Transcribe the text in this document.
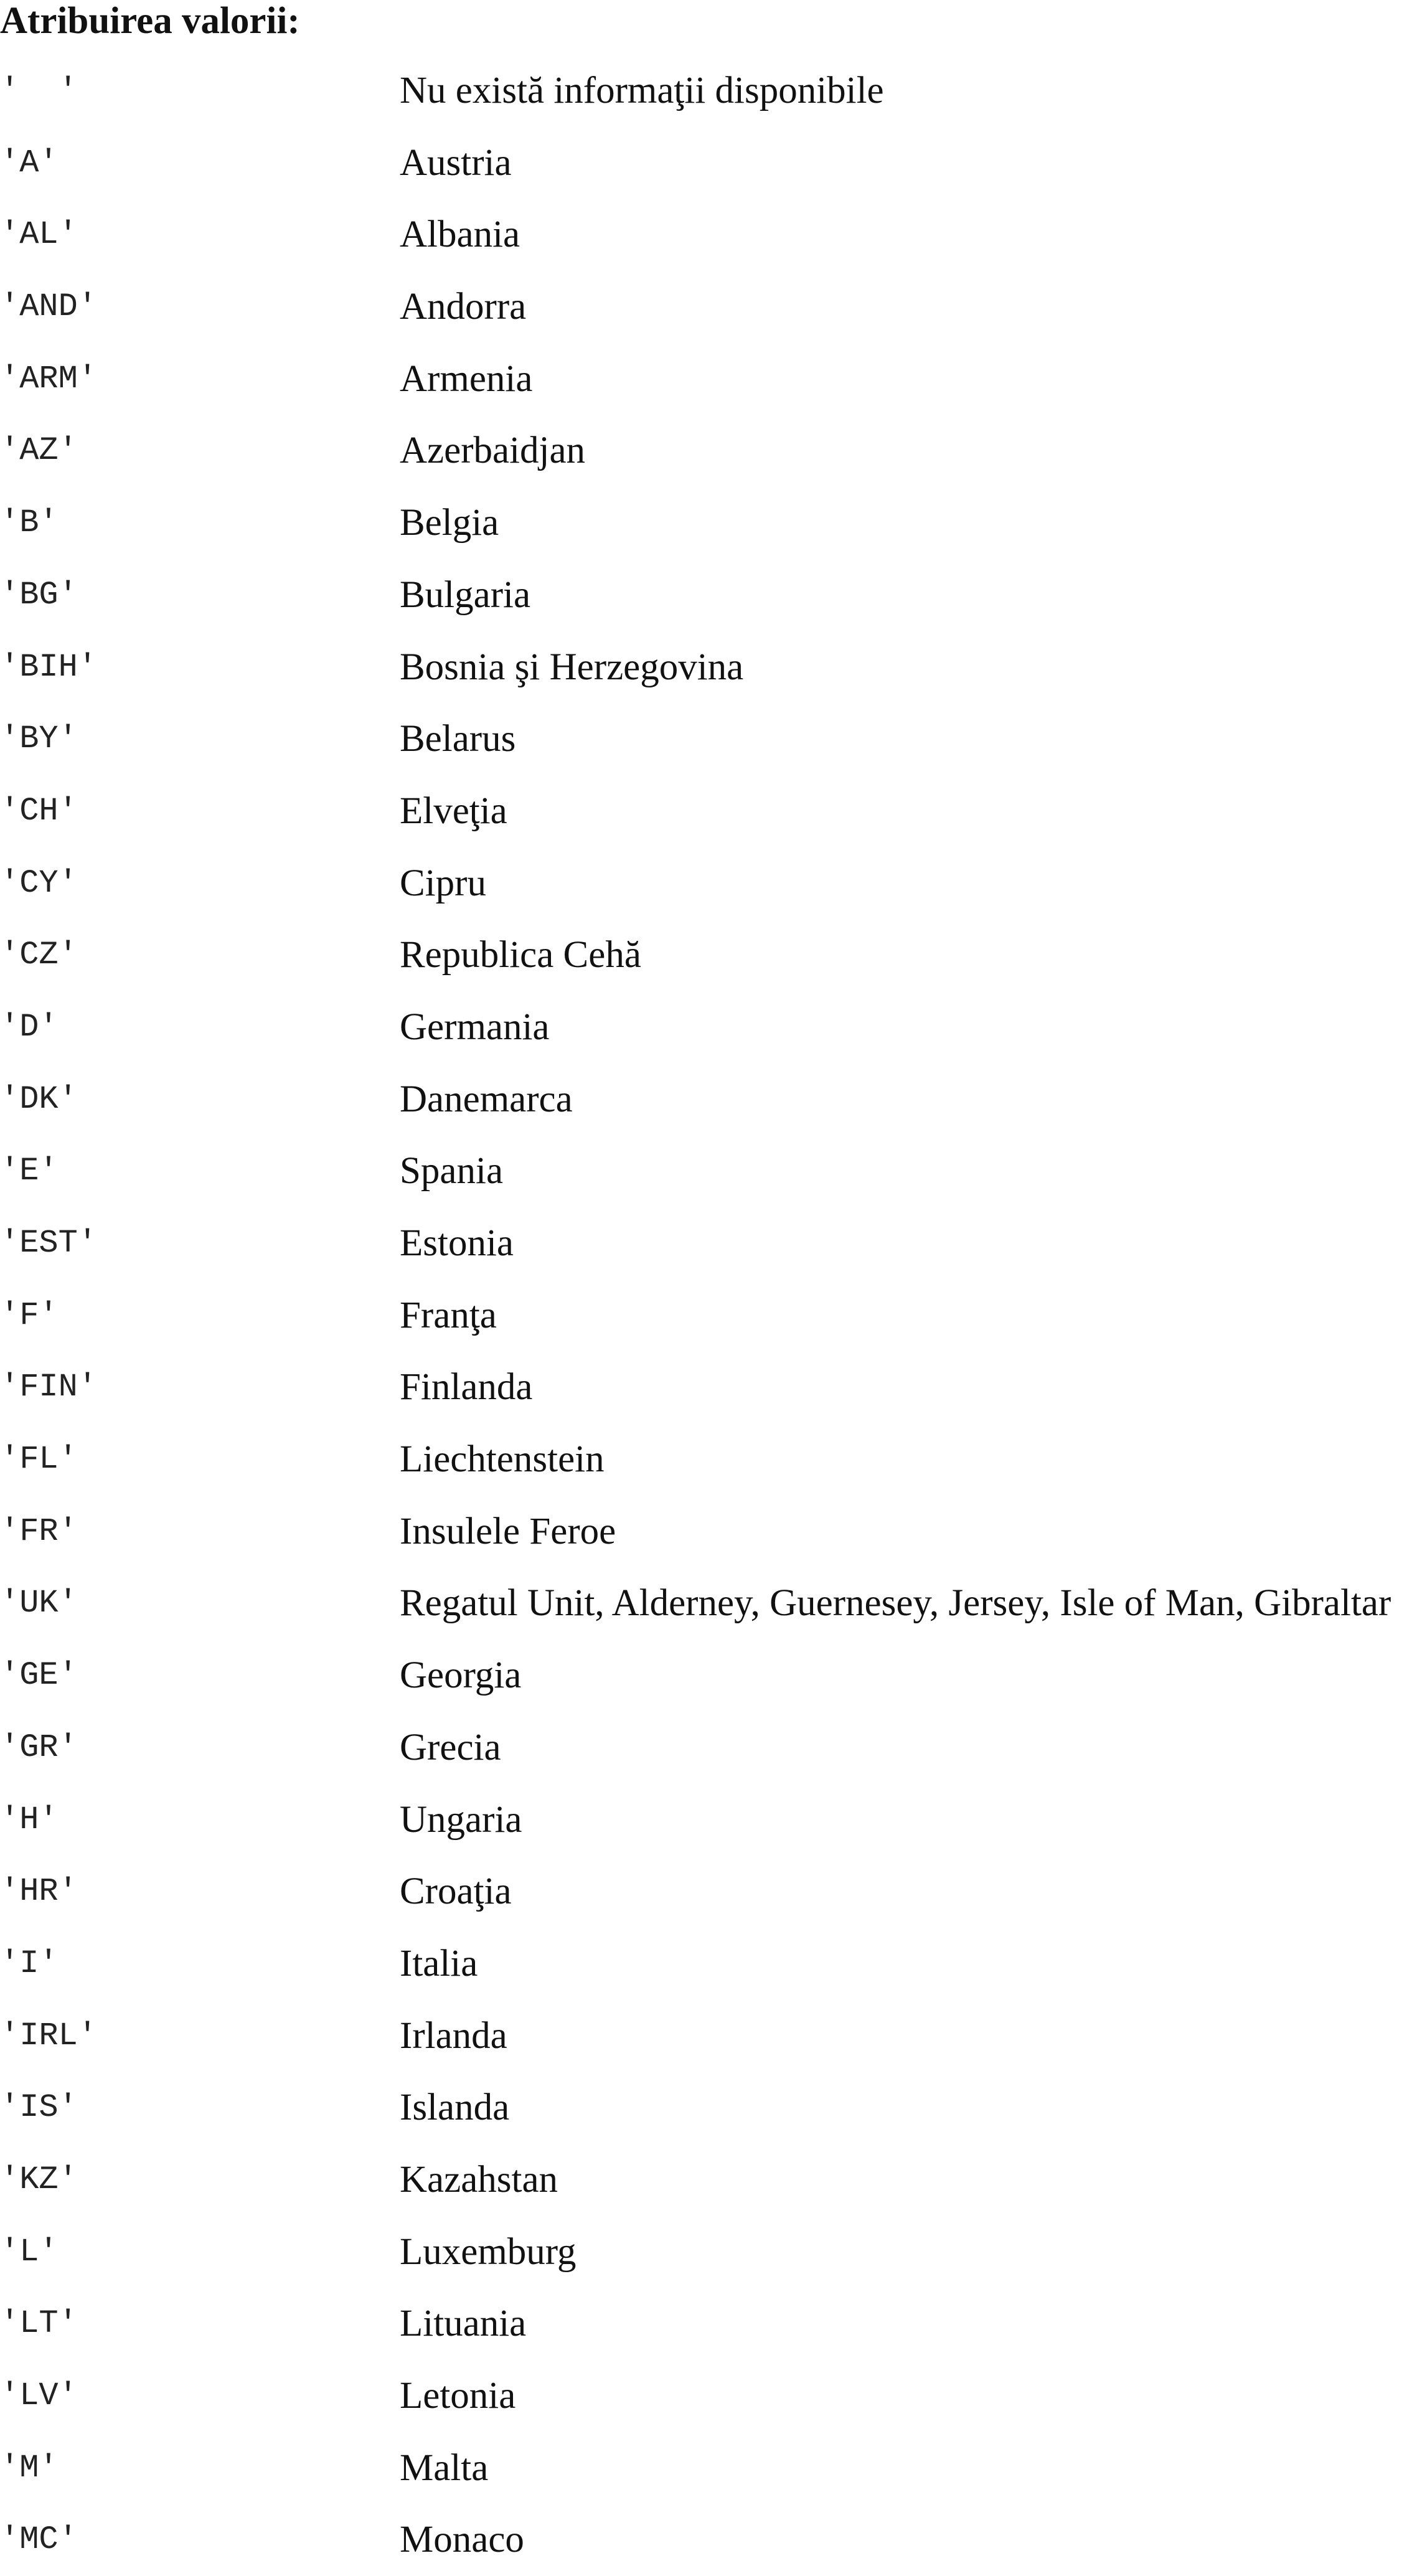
Atribuirea valorii:
'  '	Nu există informaţii disponibile
'A'	Austria
'AL'	Albania
'AND'	Andorra
'ARM'	Armenia
'AZ'	Azerbaidjan
'B'	Belgia
'BG'	Bulgaria
'BIH'	Bosnia şi Herzegovina
'BY'	Belarus
'CH'	Elveţia
'CY'	Cipru
'CZ'	Republica Cehă
'D'	Germania
'DK'	Danemarca
'E'	Spania
'EST'	Estonia
'F'	Franţa
'FIN'	Finlanda
'FL'	Liechtenstein
'FR'	Insulele Feroe
'UK'	Regatul Unit, Alderney, Guernesey, Jersey, Isle of Man, Gibraltar
'GE'	Georgia
'GR'	Grecia
'H'	Ungaria
'HR'	Croaţia
'I'	Italia
'IRL'	Irlanda
'IS'	Islanda
'KZ'	Kazahstan
'L'	Luxemburg
'LT'	Lituania
'LV'	Letonia
'M'	Malta
'MC'	Monaco
